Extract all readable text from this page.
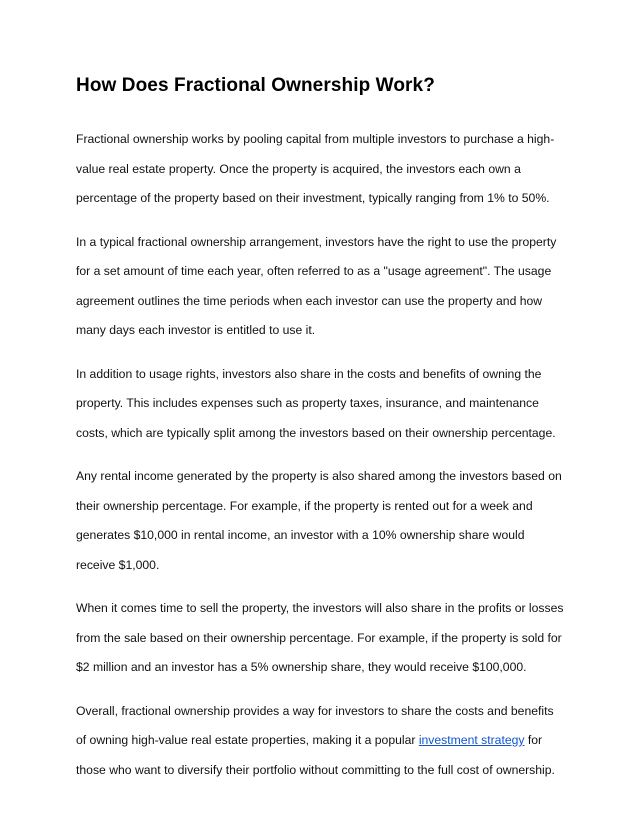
How Does Fractional Ownership Work?

Fractional ownership works by pooling capital from multiple investors to purchase a high-value real estate property. Once the property is acquired, the investors each own a percentage of the property based on their investment, typically ranging from 1% to 50%.

In a typical fractional ownership arrangement, investors have the right to use the property for a set amount of time each year, often referred to as a "usage agreement". The usage agreement outlines the time periods when each investor can use the property and how many days each investor is entitled to use it.

In addition to usage rights, investors also share in the costs and benefits of owning the property. This includes expenses such as property taxes, insurance, and maintenance costs, which are typically split among the investors based on their ownership percentage.

Any rental income generated by the property is also shared among the investors based on their ownership percentage. For example, if the property is rented out for a week and generates $10,000 in rental income, an investor with a 10% ownership share would receive $1,000.

When it comes time to sell the property, the investors will also share in the profits or losses from the sale based on their ownership percentage. For example, if the property is sold for $2 million and an investor has a 5% ownership share, they would receive $100,000.

Overall, fractional ownership provides a way for investors to share the costs and benefits of owning high-value real estate properties, making it a popular investment strategy for those who want to diversify their portfolio without committing to the full cost of ownership.
